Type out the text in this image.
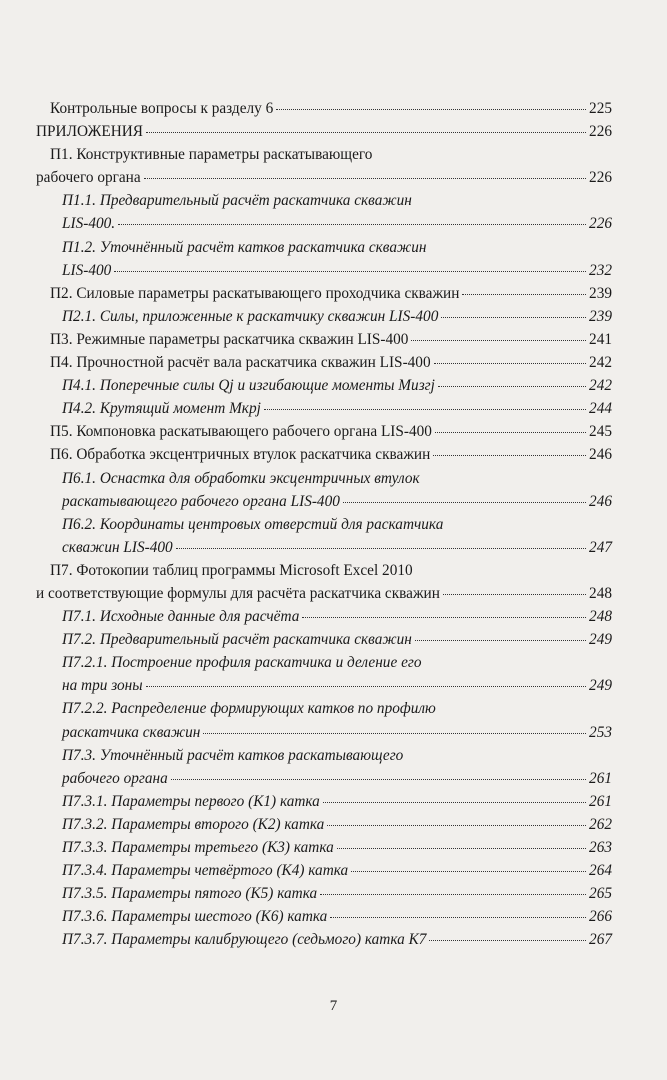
Контрольные вопросы к разделу 6	225
ПРИЛОЖЕНИЯ	226
П1. Конструктивные параметры раскатывающего
рабочего органа	226
П1.1. Предварительный расчёт раскатчика скважин
LIS-400.	226
П1.2. Уточнённый расчёт катков раскатчика скважин
LIS-400	232
П2. Силовые параметры раскатывающего проходчика скважин	239
П2.1. Силы, приложенные к раскатчику скважин LIS-400	239
П3. Режимные параметры раскатчика скважин LIS-400	241
П4. Прочностной расчёт вала раскатчика скважин LIS-400	242
П4.1. Поперечные силы Qj и изгибающие моменты Mизгj	242
П4.2. Крутящий момент Mкрj	244
П5. Компоновка раскатывающего рабочего органа LIS-400	245
П6. Обработка эксцентричных втулок раскатчика скважин	246
П6.1. Оснастка для обработки эксцентричных втулок
раскатывающего рабочего органа LIS-400	246
П6.2. Координаты центровых отверстий для раскатчика
скважин LIS-400	247
П7. Фотокопии таблиц программы Microsoft Excel 2010
и соответствующие формулы для расчёта раскатчика скважин	248
П7.1. Исходные данные для расчёта	248
П7.2. Предварительный расчёт раскатчика скважин	249
П7.2.1. Построение профиля раскатчика и деление его
на три зоны	249
П7.2.2. Распределение формирующих катков по профилю
раскатчика скважин	253
П7.3. Уточнённый расчёт катков раскатывающего
рабочего органа	261
П7.3.1. Параметры первого (К1) катка	261
П7.3.2. Параметры второго (К2) катка	262
П7.3.3. Параметры третьего (К3) катка	263
П7.3.4. Параметры четвёртого (К4) катка	264
П7.3.5. Параметры пятого (К5) катка	265
П7.3.6. Параметры шестого (К6) катка	266
П7.3.7. Параметры калибрующего (седьмого) катка К7	267
7
